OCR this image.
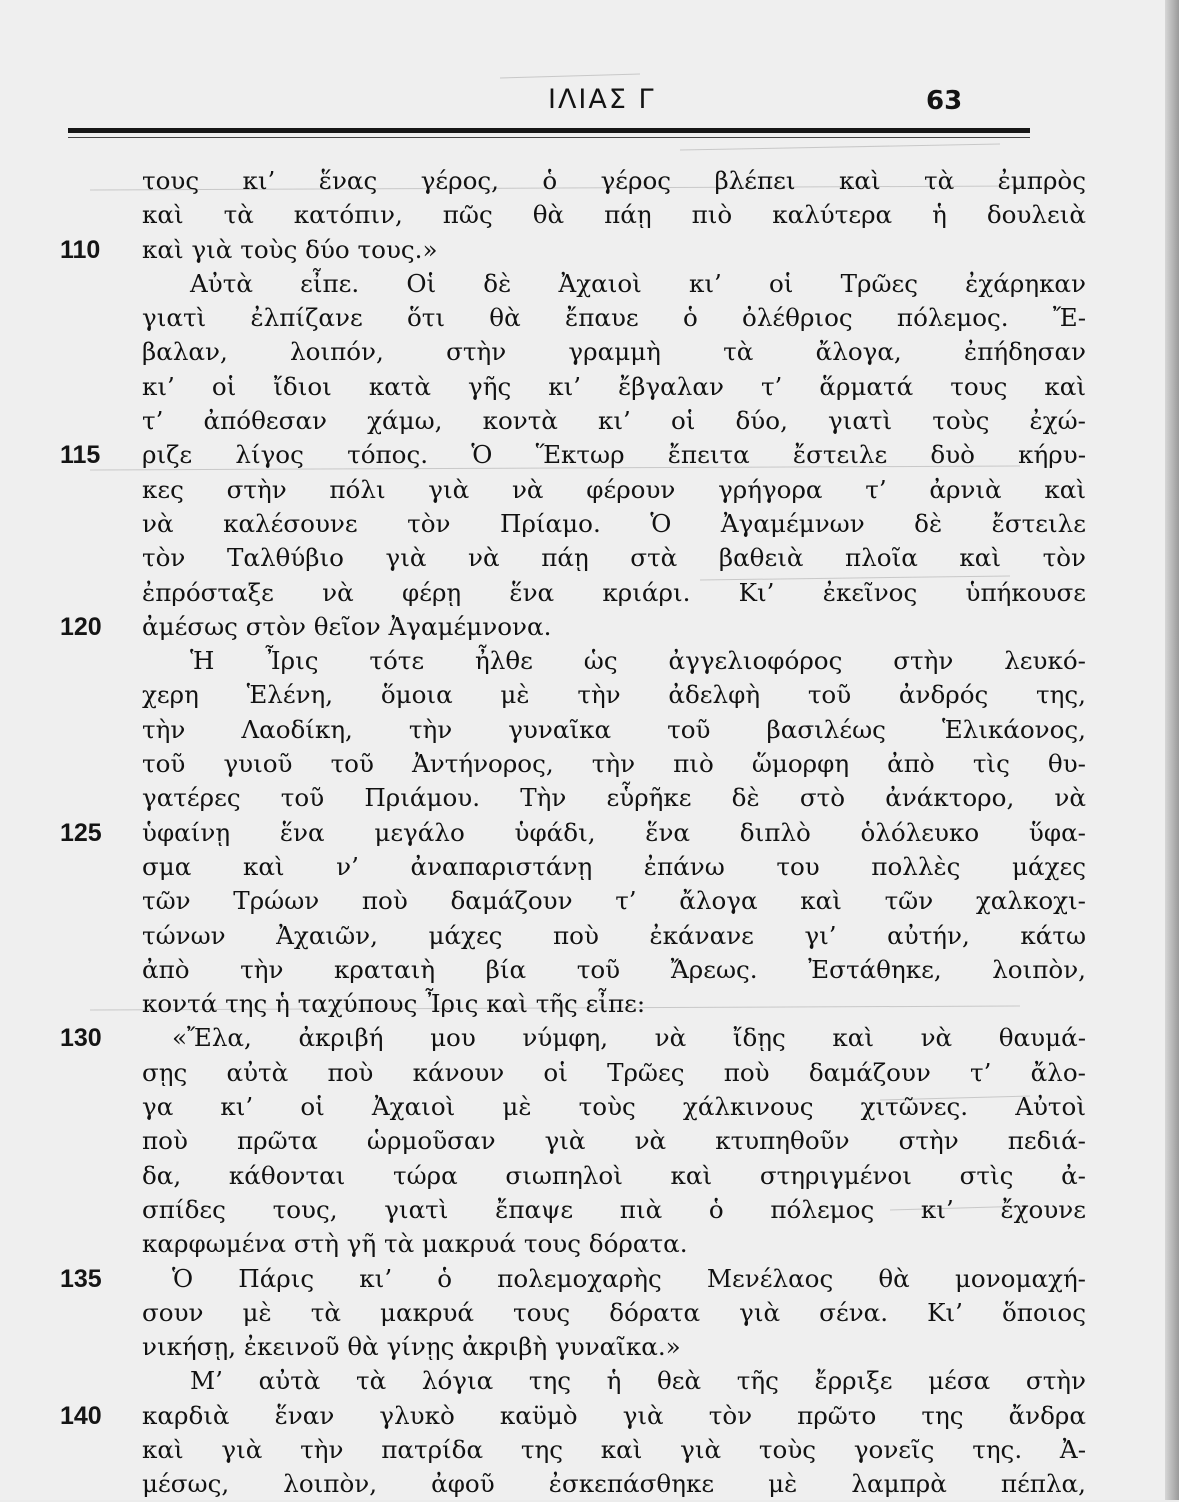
ΙΛΙΑΣ Γ	63
τους κι’ ἕνας γέρος, ὁ γέρος βλέπει καὶ τὰ ἐμπρὸς
καὶ τὰ κατόπιν, πῶς θὰ πάῃ πιὸ καλύτερα ἡ δουλειὰ
110	καὶ γιὰ τοὺς δύο τους.»
Αὐτὰ εἶπε. Οἱ δὲ Ἀχαιοὶ κι’ οἱ Τρῶες ἐχάρηκαν
γιατὶ ἐλπίζανε ὅτι θὰ ἔπαυε ὁ ὀλέθριος πόλεμος. Ἔ-
βαλαν, λοιπόν, στὴν γραμμὴ τὰ ἄλογα, ἐπήδησαν
κι’ οἱ ἴδιοι κατὰ γῆς κι’ ἔβγαλαν τ’ ἅρματά τους καὶ
τ’ ἀπόθεσαν χάμω, κοντὰ κι’ οἱ δύο, γιατὶ τοὺς ἐχώ-
115	ριζε λίγος τόπος. Ὁ Ἕκτωρ ἔπειτα ἔστειλε δυὸ κήρυ-
κες στὴν πόλι γιὰ νὰ φέρουν γρήγορα τ’ ἀρνιὰ καὶ
νὰ καλέσουνε τὸν Πρίαμο. Ὁ Ἀγαμέμνων δὲ ἔστειλε
τὸν Ταλθύβιο γιὰ νὰ πάῃ στὰ βαθειὰ πλοῖα καὶ τὸν
ἐπρόσταξε νὰ φέρῃ ἕνα κριάρι. Κι’ ἐκεῖνος ὑπήκουσε
120	ἀμέσως στὸν θεῖον Ἀγαμέμνονα.
Ἡ Ἶρις τότε ἦλθε ὡς ἀγγελιοφόρος στὴν λευκό-
χερη Ἑλένη, ὅμοια μὲ τὴν ἀδελφὴ τοῦ ἀνδρός της,
τὴν Λαοδίκη, τὴν γυναῖκα τοῦ βασιλέως Ἑλικάονος,
τοῦ γυιοῦ τοῦ Ἀντήνορος, τὴν πιὸ ὥμορφη ἀπὸ τὶς θυ-
γατέρες τοῦ Πριάμου. Τὴν εὗρῆκε δὲ στὸ ἀνάκτορο, νὰ
125	ὑφαίνῃ ἕνα μεγάλο ὑφάδι, ἕνα διπλὸ ὁλόλευκο ὕφα-
σμα καὶ ν’ ἀναπαριστάνῃ ἐπάνω του πολλὲς μάχες
τῶν Τρώων ποὺ δαμάζουν τ’ ἄλογα καὶ τῶν χαλκοχι-
τώνων Ἀχαιῶν, μάχες ποὺ ἐκάνανε γι’ αὐτήν, κάτω
ἀπὸ τὴν κραταιὴ βία τοῦ Ἄρεως. Ἐστάθηκε, λοιπὸν,
κοντά της ἡ ταχύπους Ἶρις καὶ τῆς εἶπε:
130	«Ἔλα, ἀκριβή μου νύμφη, νὰ ἴδῃς καὶ νὰ θαυμά-
σῃς αὐτὰ ποὺ κάνουν οἱ Τρῶες ποὺ δαμάζουν τ’ ἄλο-
γα κι’ οἱ Ἀχαιοὶ μὲ τοὺς χάλκινους χιτῶνες. Αὐτοὶ
ποὺ πρῶτα ὡρμοῦσαν γιὰ νὰ κτυπηθοῦν στὴν πεδιά-
δα, κάθονται τώρα σιωπηλοὶ καὶ στηριγμένοι στὶς ἀ-
σπίδες τους, γιατὶ ἔπαψε πιὰ ὁ πόλεμος κι’ ἔχουνε
καρφωμένα στὴ γῆ τὰ μακρυά τους δόρατα.
135	Ὁ Πάρις κι’ ὁ πολεμοχαρὴς Μενέλαος θὰ μονομαχή-
σουν μὲ τὰ μακρυά τους δόρατα γιὰ σένα. Κι’ ὅποιος
νικήσῃ, ἐκεινοῦ θὰ γίνῃς ἀκριβὴ γυναῖκα.»
Μ’ αὐτὰ τὰ λόγια της ἡ θεὰ τῆς ἔρριξε μέσα στὴν
140	καρδιὰ ἕναν γλυκὸ καϋμὸ γιὰ τὸν πρῶτο της ἄνδρα
καὶ γιὰ τὴν πατρίδα της καὶ γιὰ τοὺς γονεῖς της. Ἀ-
μέσως, λοιπὸν, ἀφοῦ ἐσκεπάσθηκε μὲ λαμπρὰ πέπλα,
